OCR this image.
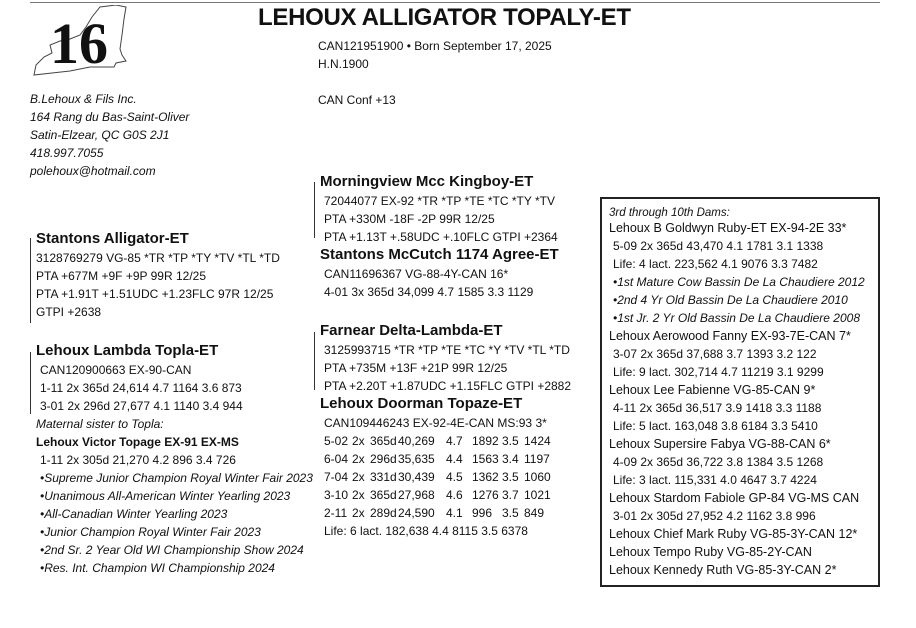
16	LEHOUX ALLIGATOR TOPALY-ET
CAN121951900 • Born September 17, 2025
H.N.1900
CAN Conf +13
B.Lehoux & Fils Inc.
164 Rang du Bas-Saint-Oliver
Satin-Elzear, QC G0S 2J1
418.997.7055
polehoux@hotmail.com
Stantons Alligator-ET
3128769279 VG-85 *TR *TP *TY *TV *TL *TD
PTA +677M +9F +9P 99R 12/25
PTA +1.91T +1.51UDC +1.23FLC 97R 12/25
GTPI +2638
Lehoux Lambda Topla-ET
CAN120900663 EX-90-CAN
1-11 2x 365d 24,614 4.7 1164 3.6 873
3-01 2x 296d 27,677 4.1 1140 3.4 944
Maternal sister to Topla:
Lehoux Victor Topage EX-91 EX-MS
1-11 2x 305d 21,270 4.2 896 3.4 726
•Supreme Junior Champion Royal Winter Fair 2023
•Unanimous All-American Winter Yearling 2023
•All-Canadian Winter Yearling 2023
•Junior Champion Royal Winter Fair 2023
•2nd Sr. 2 Year Old WI Championship Show 2024
•Res. Int. Champion WI Championship 2024
Morningview Mcc Kingboy-ET
72044077 EX-92 *TR *TP *TE *TC *TY *TV
PTA +330M -18F -2P 99R 12/25
PTA +1.13T +.58UDC +.10FLC GTPI +2364
Stantons McCutch 1174 Agree-ET
CAN11696367 VG-88-4Y-CAN 16*
4-01 3x 365d 34,099 4.7 1585 3.3 1129
Farnear Delta-Lambda-ET
3125993715 *TR *TP *TE *TC *Y *TV *TL *TD
PTA +735M +13F +21P 99R 12/25
PTA +2.20T +1.87UDC +1.15FLC GTPI +2882
Lehoux Doorman Topaze-ET
CAN109446243 EX-92-4E-CAN MS:93 3*
5-02 2x 365d 40,269 4.7 1892 3.5 1424
6-04 2x 296d 35,635 4.4 1563 3.4 1197
7-04 2x 331d 30,439 4.5 1362 3.5 1060
3-10 2x 365d 27,968 4.6 1276 3.7 1021
2-11 2x 289d 24,590 4.1 996 3.5 849
Life: 6 lact. 182,638 4.4 8115 3.5 6378
3rd through 10th Dams:
Lehoux B Goldwyn Ruby-ET EX-94-2E 33*
5-09 2x 365d 43,470 4.1 1781 3.1 1338
Life: 4 lact. 223,562 4.1 9076 3.3 7482
•1st Mature Cow Bassin De La Chaudiere 2012
•2nd 4 Yr Old Bassin De La Chaudiere 2010
•1st Jr. 2 Yr Old Bassin De La Chaudiere 2008
Lehoux Aerowood Fanny EX-93-7E-CAN 7*
3-07 2x 365d 37,688 3.7 1393 3.2 122
Life: 9 lact. 302,714 4.7 11219 3.1 9299
Lehoux Lee Fabienne VG-85-CAN 9*
4-11 2x 365d 36,517 3.9 1418 3.3 1188
Life: 5 lact. 163,048 3.8 6184 3.3 5410
Lehoux Supersire Fabya VG-88-CAN 6*
4-09 2x 365d 36,722 3.8 1384 3.5 1268
Life: 3 lact. 115,331 4.0 4647 3.7 4224
Lehoux Stardom Fabiole GP-84 VG-MS CAN
3-01 2x 305d 27,952 4.2 1162 3.8 996
Lehoux Chief Mark Ruby VG-85-3Y-CAN 12*
Lehoux Tempo Ruby VG-85-2Y-CAN
Lehoux Kennedy Ruth VG-85-3Y-CAN 2*
